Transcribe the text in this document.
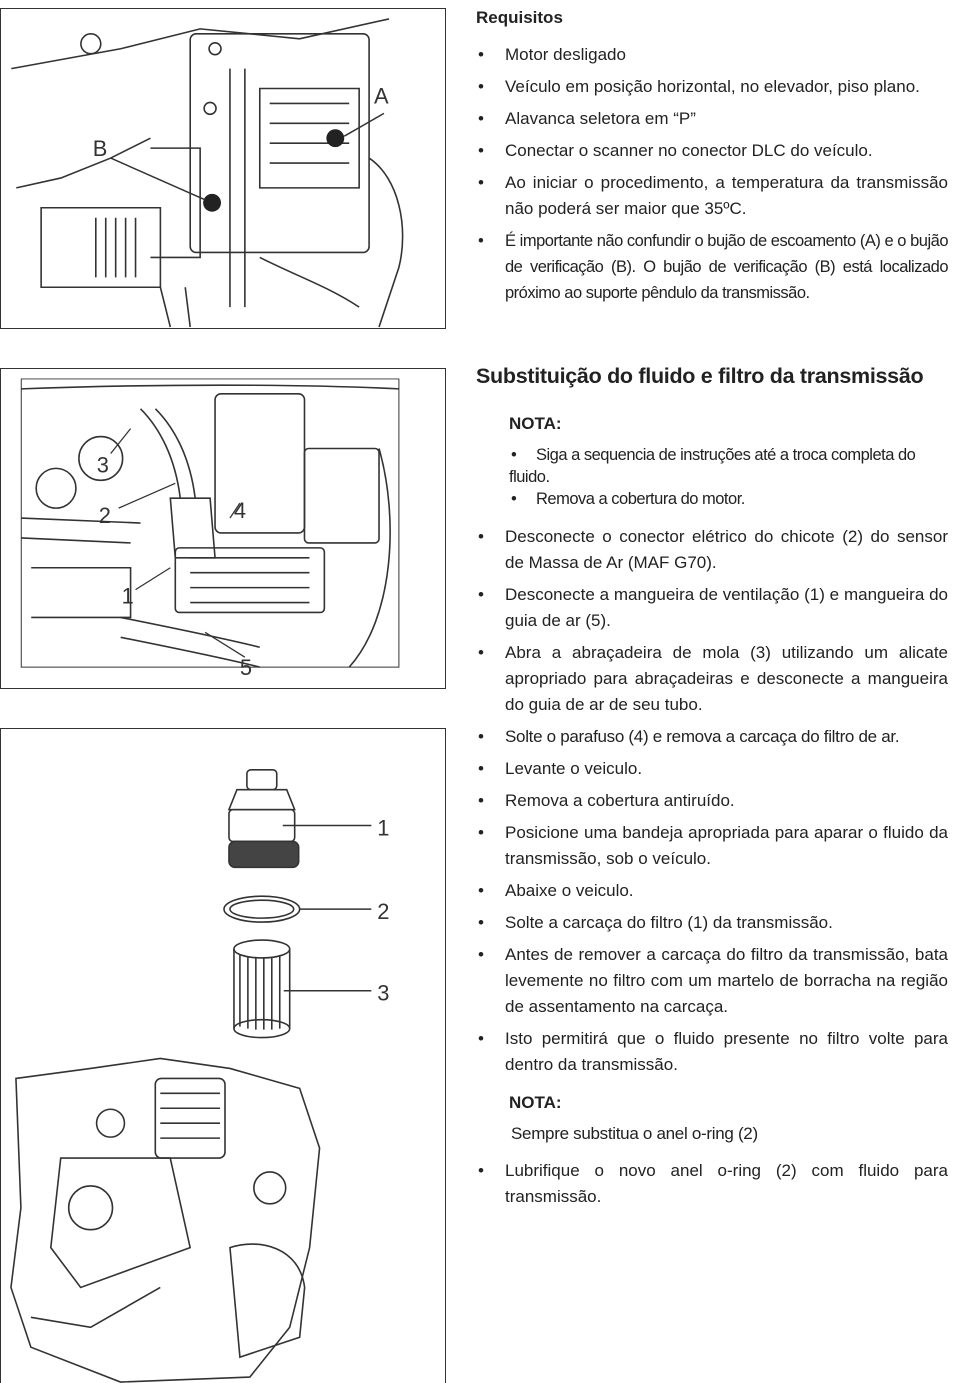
A
B
3
2	4
1
5
1
2
3
Requisitos
• Motor desligado
• Veículo em posição horizontal, no elevador, piso plano.
• Alavanca seletora em “P”
• Conectar o scanner no conector DLC do veículo.
• Ao iniciar o procedimento, a temperatura da transmissão não poderá ser maior que 35ºC.
• É importante não confundir o bujão de escoamento (A) e o bujão de verificação (B). O bujão de verificação (B) está localizado próximo ao suporte pêndulo da transmissão.
Substituição do fluido e filtro da transmissão
NOTA:
• Siga a sequencia de instruções até a troca completa do fluido.
• Remova a cobertura do motor.
• Desconecte o conector elétrico do chicote (2) do sensor de Massa de Ar (MAF G70).
• Desconecte a mangueira de ventilação (1) e mangueira do guia de ar (5).
• Abra a abraçadeira de mola (3) utilizando um alicate apropriado para abraçadeiras e desconecte a mangueira do guia de ar de seu tubo.
• Solte o parafuso (4) e remova a carcaça do filtro de ar.
• Levante o veiculo.
• Remova a cobertura antiruído.
• Posicione uma bandeja apropriada para aparar o fluido da transmissão, sob o veículo.
• Abaixe o veiculo.
• Solte a carcaça do filtro (1) da transmissão.
• Antes de remover a carcaça do filtro da transmissão, bata levemente no filtro com um martelo de borracha na região de assentamento na carcaça.
• Isto permitirá que o fluido presente no filtro volte para dentro da transmissão.
NOTA:
Sempre substitua o anel o-ring (2)
• Lubrifique o novo anel o-ring (2) com fluido para transmissão.
